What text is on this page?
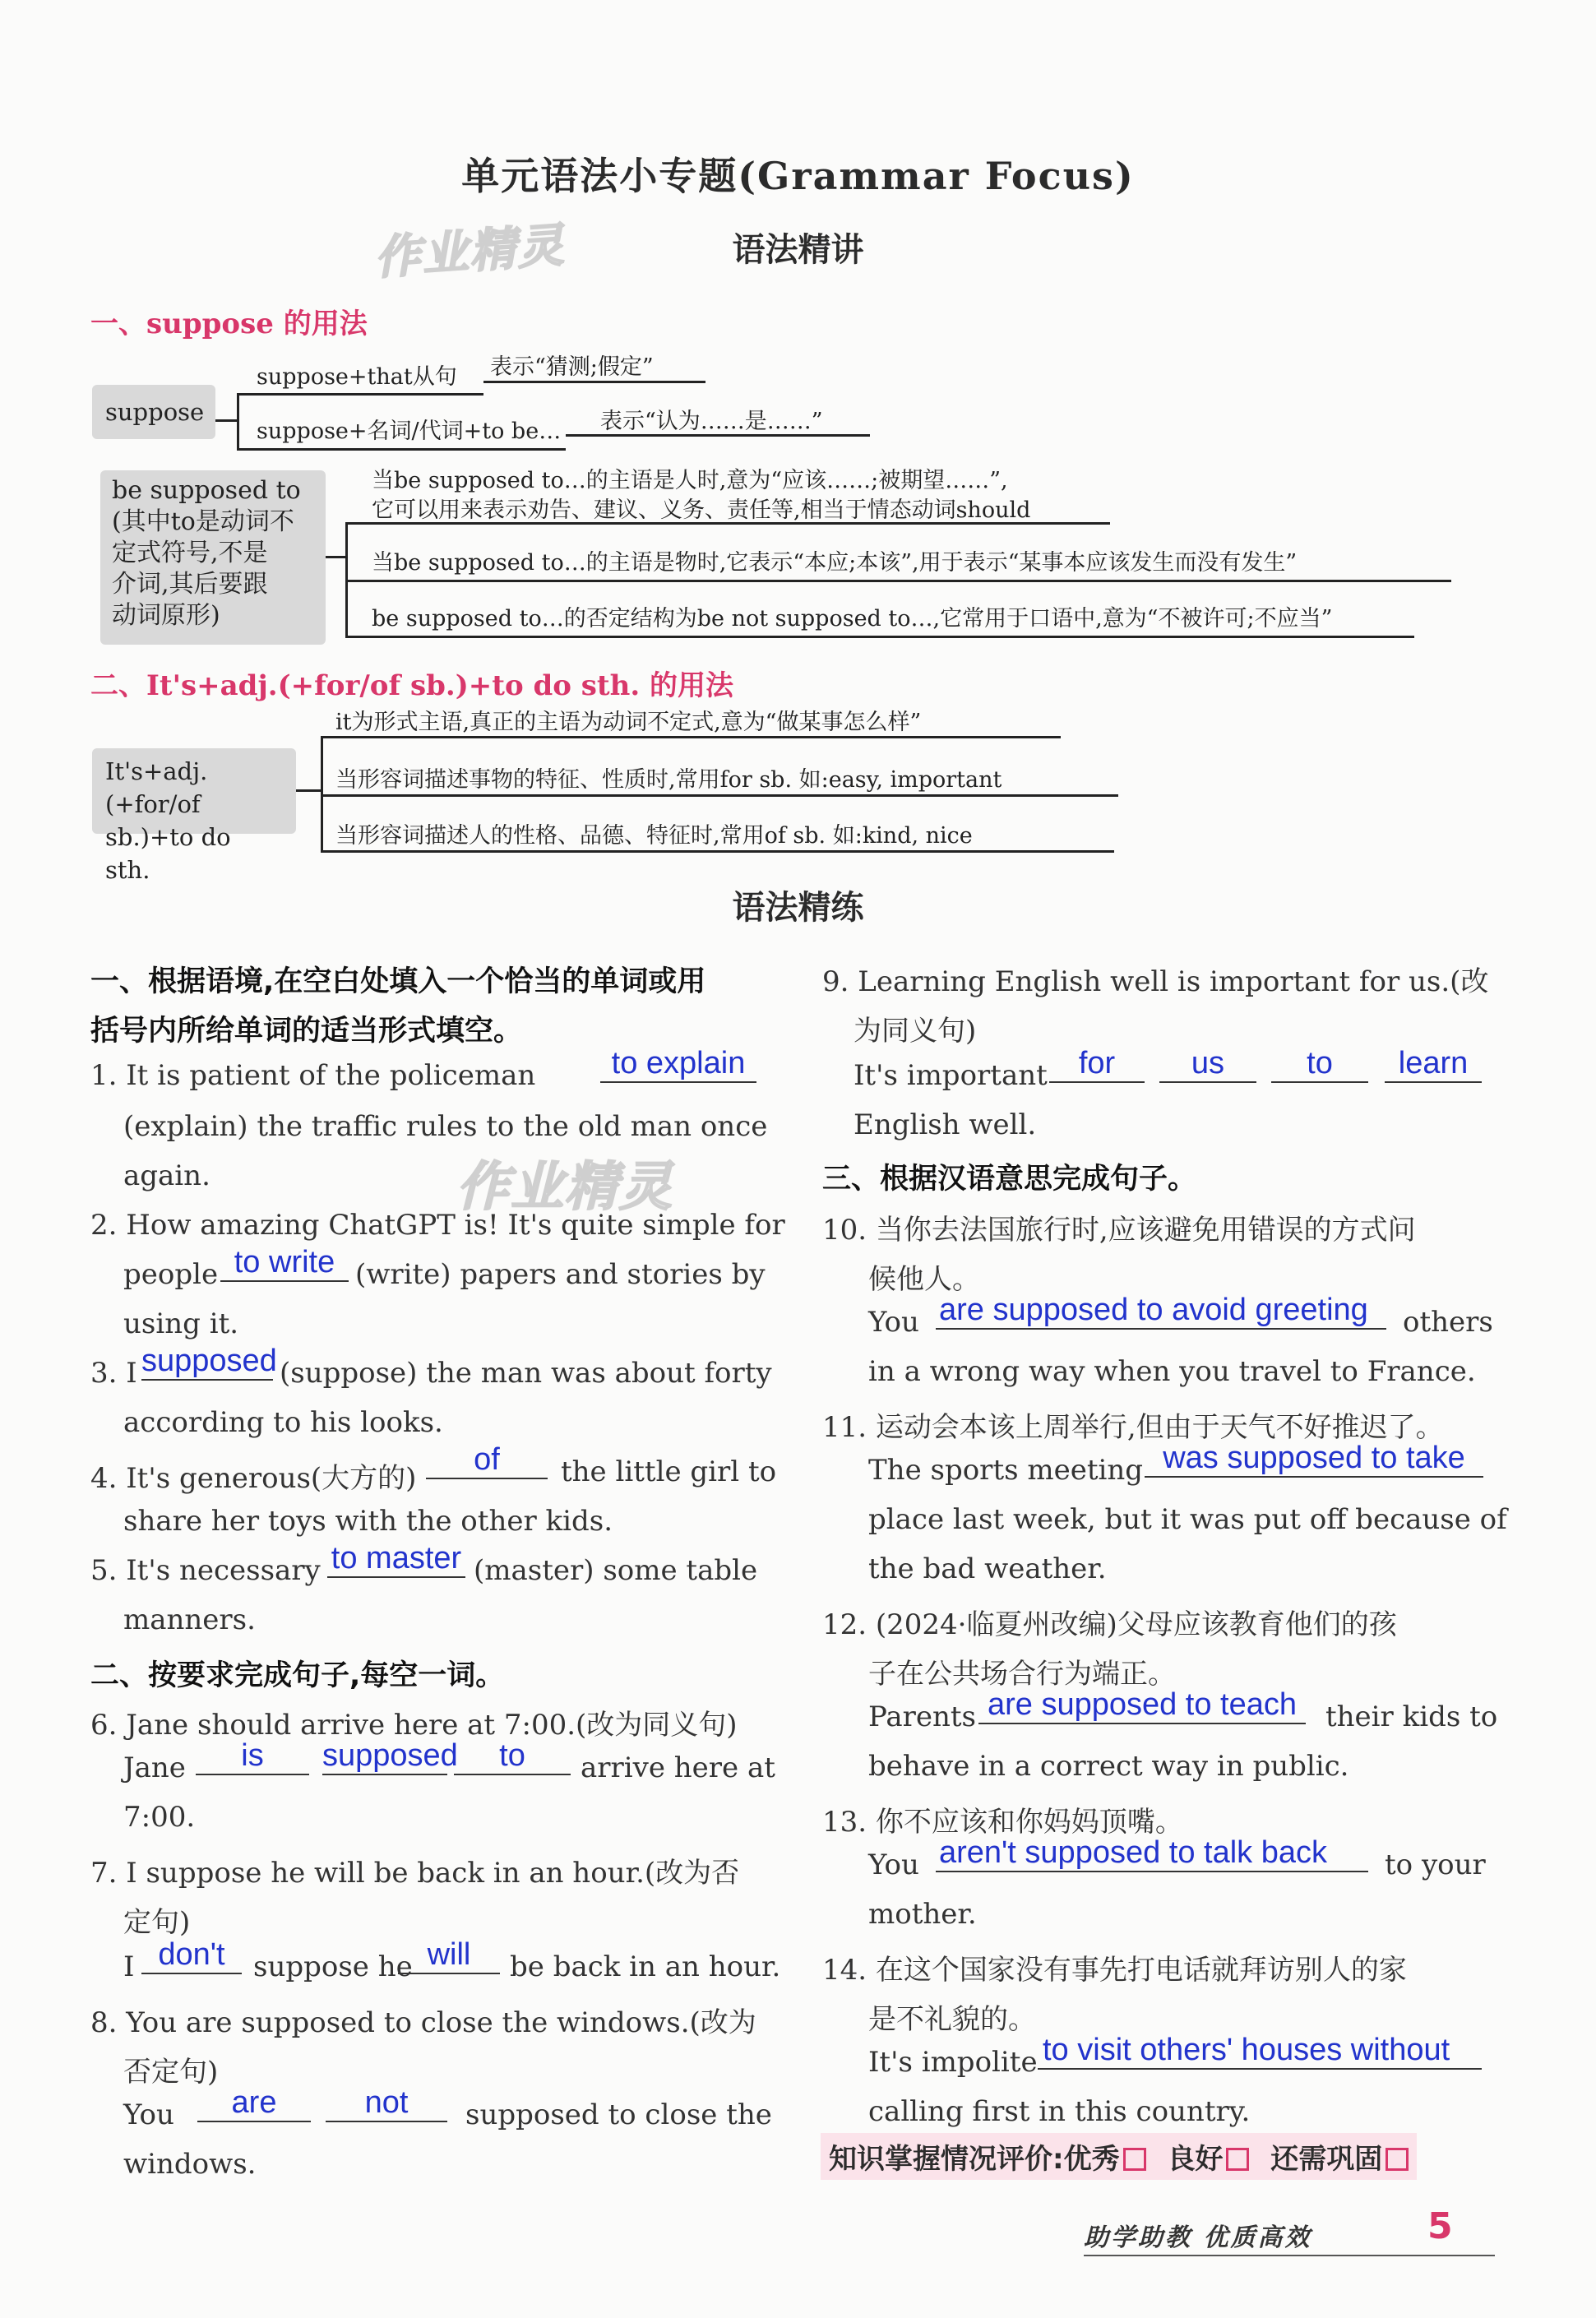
单元语法小专题(Grammar Focus)
语法精讲
作业精灵
一、suppose 的用法
suppose
suppose+that从句 表示“猜测;假定”
suppose+名词/代词+to be… 表示“认为……是……”
be supposed to
(其中to是动词不
定式符号,不是
介词,其后要跟
动词原形)
当be supposed to…的主语是人时,意为“应该……;被期望……”,
它可以用来表示劝告、建议、义务、责任等,相当于情态动词should
当be supposed to…的主语是物时,它表示“本应;本该”,用于表示“某事本应该发生而没有发生”
be supposed to…的否定结构为be not supposed to…,它常用于口语中,意为“不被许可;不应当”
二、It's+adj.(+for/of sb.)+to do sth. 的用法
It's+adj.(+for/of
sb.)+to do sth.
it为形式主语,真正的主语为动词不定式,意为“做某事怎么样”
当形容词描述事物的特征、性质时,常用for sb. 如:easy, important
当形容词描述人的性格、品德、特征时,常用of sb. 如:kind, nice
语法精练
作业精灵
一、根据语境,在空白处填入一个恰当的单词或用
括号内所给单词的适当形式填空。
1. It is patient of the policeman	to explain
(explain) the traffic rules to the old man once
again.
2. How amazing ChatGPT is! It's quite simple for
people to write (write) papers and stories by
using it.
3. I supposed (suppose) the man was about forty
according to his looks.
4. It's generous(大方的)
of	the little girl to
share her toys with the other kids.
5. It's necessary to master (master) some table
manners.
二、按要求完成句子,每空一词。
6. Jane should arrive here at 7:00.(改为同义句)
Jane	is	supposed	to	arrive here at
7:00.
7. I suppose he will be back in an hour.(改为否
定句)
I don't	suppose he will	be back in an hour.
8. You are supposed to close the windows.(改为
否定句)
You	are	not	supposed to close the
windows.
9. Learning English well is important for us.(改
为同义句)
It's important	for	us	to	learn
English well.
三、根据汉语意思完成句子。
10. 当你去法国旅行时,应该避免用错误的方式问
候他人。
You are supposed to avoid greeting	others
in a wrong way when you travel to France.
11. 运动会本该上周举行,但由于天气不好推迟了。
The sports meeting was supposed to take
place last week, but it was put off because of
the bad weather.
12. (2024·临夏州改编)父母应该教育他们的孩
子在公共场合行为端正。
Parents are supposed to teach	their kids to
behave in a correct way in public.
13. 你不应该和你妈妈顶嘴。
You aren't supposed to talk back	to your
mother.
14. 在这个国家没有事先打电话就拜访别人的家
是不礼貌的。
It's impolite to visit others' houses without
calling first in this country.
知识掌握情况评价:优秀 良好 还需巩固
助学助教 优质高效	5
